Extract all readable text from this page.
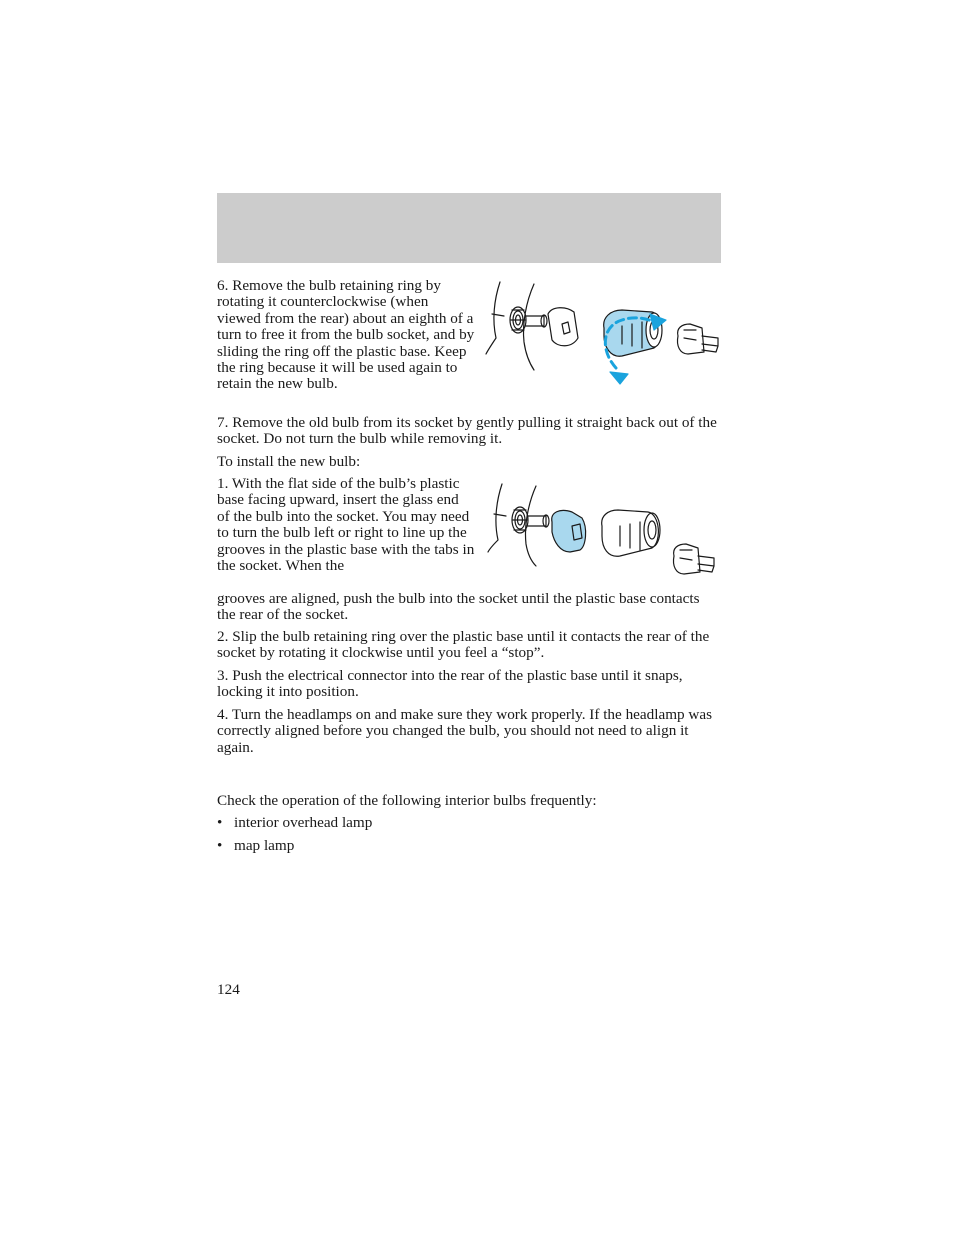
6. Remove the bulb retaining ring by rotating it counterclockwise (when viewed from the rear) about an eighth of a turn to free it from the bulb socket, and by sliding the ring off the plastic base. Keep the ring because it will be used again to retain the new bulb.

7. Remove the old bulb from its socket by gently pulling it straight back out of the socket. Do not turn the bulb while removing it.

To install the new bulb:

1. With the flat side of the bulb’s plastic base facing upward, insert the glass end of the bulb into the socket. You may need to turn the bulb left or right to line up the grooves in the plastic base with the tabs in the socket. When the

grooves are aligned, push the bulb into the socket until the plastic base contacts the rear of the socket.

2. Slip the bulb retaining ring over the plastic base until it contacts the rear of the socket by rotating it clockwise until you feel a “stop”.

3. Push the electrical connector into the rear of the plastic base until it snaps, locking it into position.

4. Turn the headlamps on and make sure they work properly. If the headlamp was correctly aligned before you changed the bulb, you should not need to align it again.

Check the operation of the following interior bulbs frequently:

• interior overhead lamp
• map lamp

124
